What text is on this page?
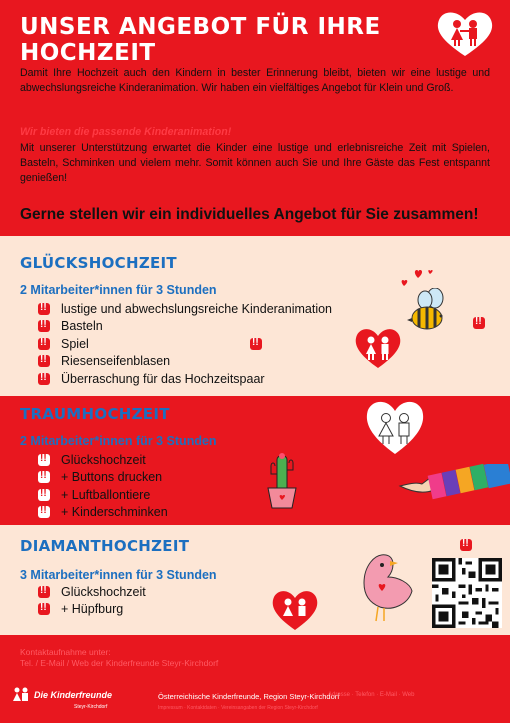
UNSER ANGEBOT FÜR IHRE HOCHZEIT

Damit Ihre Hochzeit auch den Kindern in bester Erinnerung bleibt, bieten wir eine lustige und abwechslungsreiche Kinderanimation. Wir haben ein vielfältiges Angebot für Klein und Groß.

Wir bieten die passende Kinderanimation!

Mit unserer Unterstützung erwartet die Kinder eine lustige und erlebnisreiche Zeit mit Spielen, Basteln, Schminken und vielem mehr. Somit können auch Sie und Ihre Gäste das Fest entspannt genießen!

Gerne stellen wir ein individuelles Angebot für Sie zusammen!

GLÜCKSHOCHZEIT
2 Mitarbeiter*innen für 3 Stunden
ǃǃ
lustige und abwechslungsreiche Kinderanimation
ǃǃ
Basteln
ǃǃ
Spiel
ǃǃ
Riesenseifenblasen
ǃǃ
Überraschung für das Hochzeitspaar
ǃǃ
ǃǃ
TRAUMHOCHZEIT
2 Mitarbeiter*innen für 3 Stunden
ǃǃ
Glückshochzeit
ǃǃ
+ Buttons drucken
ǃǃ
+ Luftballontiere
ǃǃ
+ Kinderschminken
DIAMANTHOCHZEIT
3 Mitarbeiter*innen für 3 Stunden
ǃǃ
Glückshochzeit
ǃǃ
+ Hüpfburg
ǃǃ
Kontaktaufnahme unter:
Tel. / E-Mail / Web der Kinderfreunde Steyr-Kirchdorf
Die Kinderfreunde
Steyr-Kirchdorf
Österreichische Kinderfreunde, Region Steyr-Kirchdorf
Adresse · Telefon · E-Mail · Web
Impressum · Kontaktdaten · Vereinsangaben der Region Steyr-Kirchdorf
